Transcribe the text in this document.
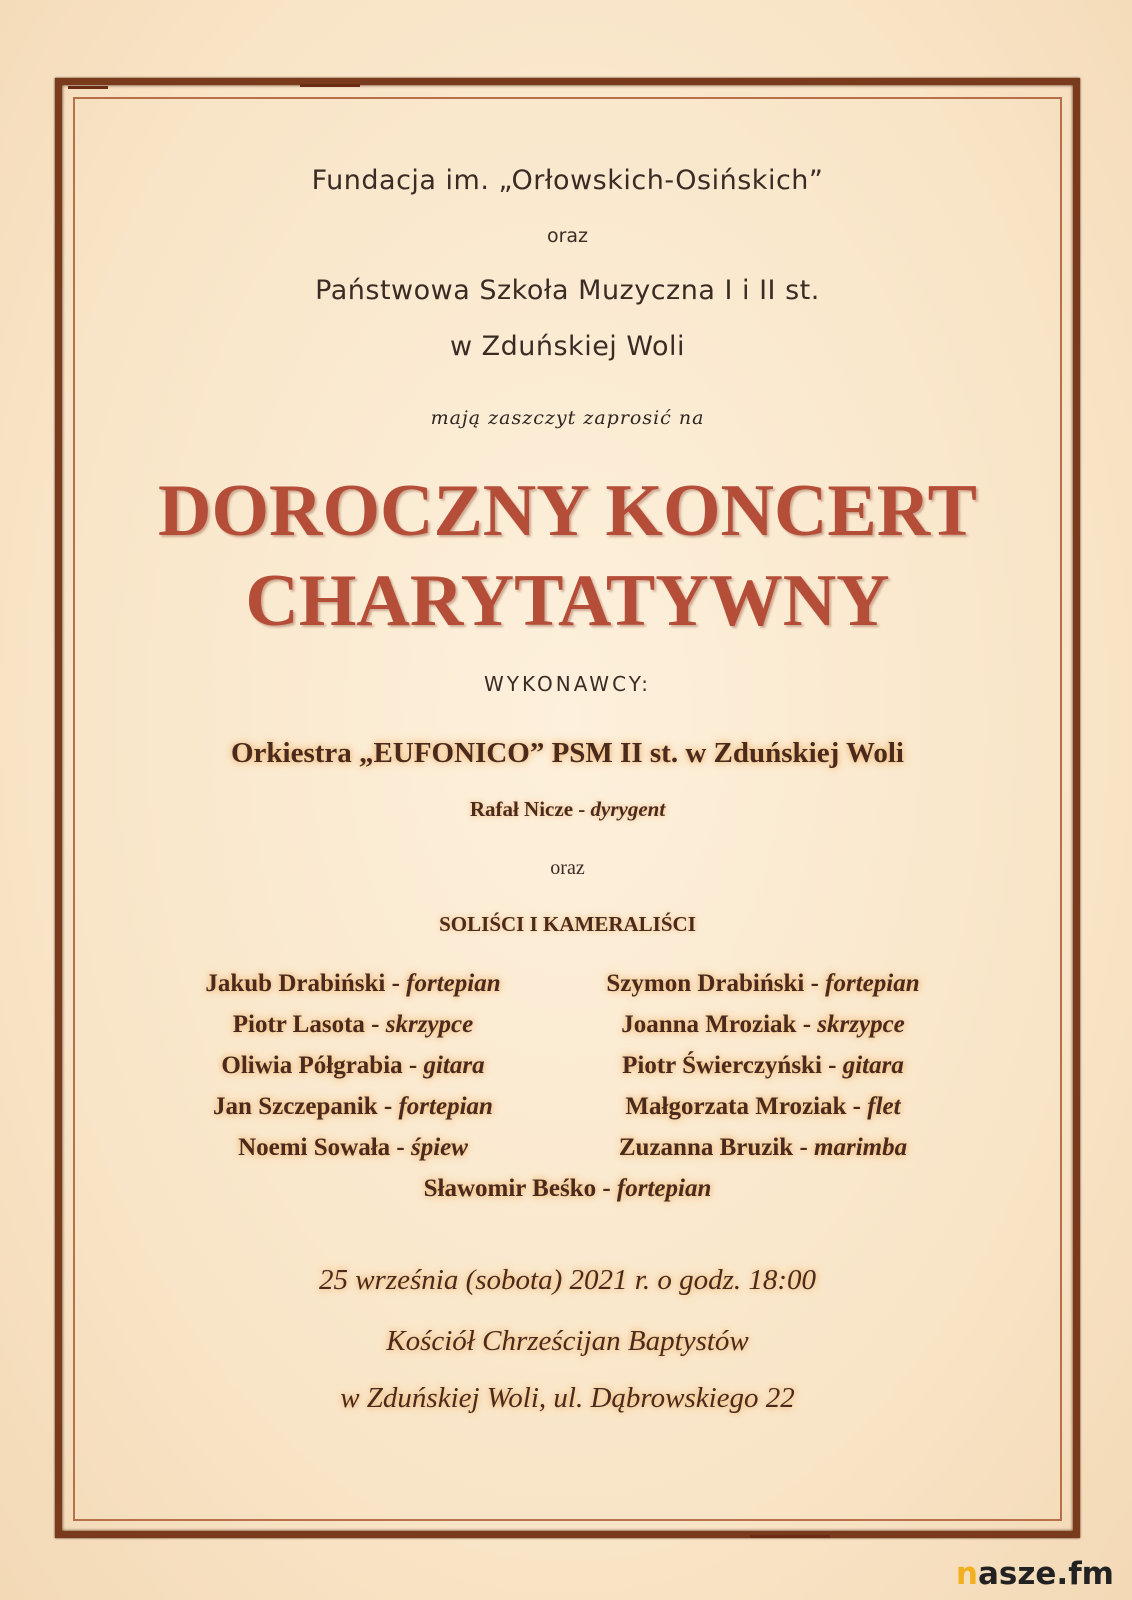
Fundacja im. „Orłowskich-Osińskich”
oraz
Państwowa Szkoła Muzyczna I i II st.
w Zduńskiej Woli
mają zaszczyt zaprosić na
DOROCZNY KONCERT
CHARYTATYWNY
WYKONAWCY:
Orkiestra „EUFONICO” PSM II st. w Zduńskiej Woli
Rafał Nicze - dyrygent
oraz
SOLIŚCI I KAMERALIŚCI
Jakub Drabiński - fortepian	Szymon Drabiński - fortepian
Piotr Lasota - skrzypce	Joanna Mroziak - skrzypce
Oliwia Półgrabia - gitara	Piotr Świerczyński - gitara
Jan Szczepanik - fortepian	Małgorzata Mroziak - flet
Noemi Sowała - śpiew	Zuzanna Bruzik - marimba
Sławomir Beśko - fortepian
25 września (sobota) 2021 r. o godz. 18:00
Kościół Chrześcijan Baptystów
w Zduńskiej Woli, ul. Dąbrowskiego 22
nasze.fm
